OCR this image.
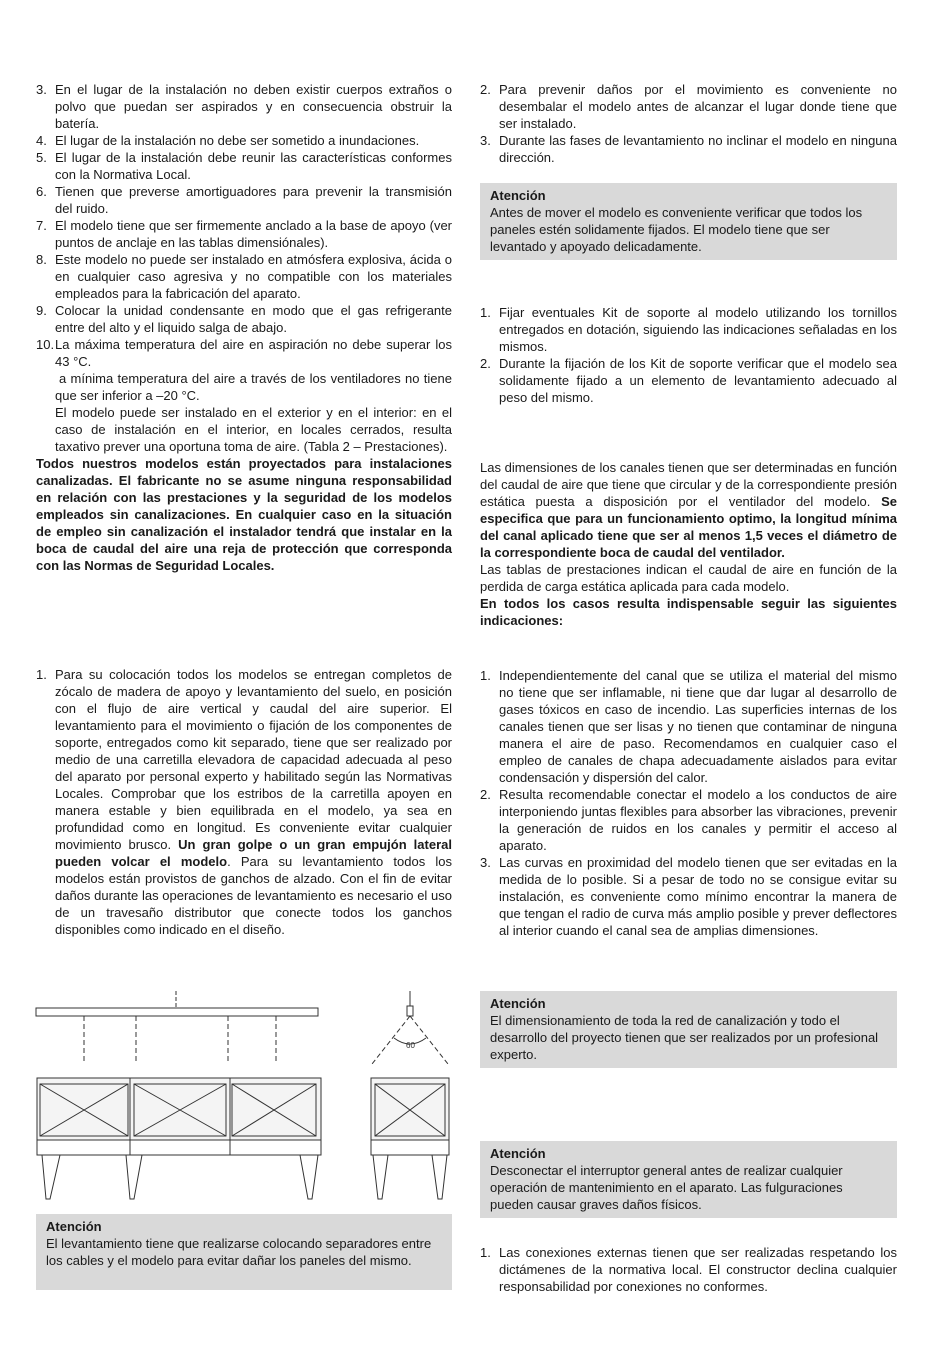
3. En el lugar de la instalación no deben existir cuerpos extraños o polvo que puedan ser aspirados y en consecuencia obstruir la batería.
4. El lugar de la instalación no debe ser sometido a inundaciones.
5. El lugar de la instalación debe reunir las características conformes con la Normativa Local.
6. Tienen que preverse amortiguadores para prevenir la transmisión del ruido.
7. El modelo tiene que ser firmemente anclado a la base de apoyo (ver puntos de anclaje en las tablas dimensiónales).
8. Este modelo no puede ser instalado en atmósfera explosiva, ácida o en cualquier caso agresiva y no compatible con los materiales empleados para la fabricación del aparato.
9. Colocar la unidad condensante en modo que el gas refrigerante entre del alto y el liquido salga de abajo.
10. La máxima temperatura del aire en aspiración no debe superar los 43 °C.

a mínima temperatura del aire a través de los ventiladores no tiene que ser inferior a –20 °C.

El modelo puede ser instalado en el exterior y en el interior: en el caso de instalación en el interior, en locales cerrados, resulta taxativo prever una oportuna toma de aire. (Tabla 2 – Prestaciones).

Todos nuestros modelos están proyectados para instalaciones canalizadas. El fabricante no se asume ninguna responsabilidad en relación con las prestaciones y la seguridad de los modelos empleados sin canalizaciones. En cualquier caso en la situación de empleo sin canalización el instalador tendrá que instalar en la boca de caudal del aire una reja de protección que corresponda con las Normas de Seguridad Locales.

1. Para su colocación todos los modelos se entregan completos de zócalo de madera de apoyo y levantamiento del suelo, en posición con el flujo de aire vertical y caudal del aire superior. El levantamiento para el movimiento o fijación de los componentes de soporte, entregados como kit separado, tiene que ser realizado por medio de una carretilla elevadora de capacidad adecuada al peso del aparato por personal experto y habilitado según las Normativas Locales. Comprobar que los estribos de la carretilla apoyen en manera estable y bien equilibrada en el modelo, ya sea en profundidad como en longitud. Es conveniente evitar cualquier movimiento brusco. Un gran golpe o un gran empujón lateral pueden volcar el modelo. Para su levantamiento todos los modelos están provistos de ganchos de alzado. Con el fin de evitar daños durante las operaciones de levantamiento es necesario el uso de un travesaño distributor que conecte todos los ganchos disponibles como indicado en el diseño.
60
Atención
El levantamiento tiene que realizarse colocando separadores entre los cables y el modelo para evitar dañar los paneles del mismo.
2. Para prevenir daños por el movimiento es conveniente no desembalar el modelo antes de alcanzar el lugar donde tiene que ser instalado.
3. Durante las fases de levantamiento no inclinar el modelo en ninguna dirección.
Atención
Antes de mover el modelo es conveniente verificar que todos los paneles estén solidamente fijados. El modelo tiene que ser levantado y apoyado delicadamente.
1. Fijar eventuales Kit de soporte al modelo utilizando los tornillos entregados en dotación, siguiendo las indicaciones señaladas en los mismos.
2. Durante la fijación de los Kit de soporte verificar que el modelo sea solidamente fijado a un elemento de levantamiento adecuado al peso del mismo.

Las dimensiones de los canales tienen que ser determinadas en función del caudal de aire que tiene que circular y de la correspondiente presión estática puesta a disposición por el ventilador del modelo. Se especifica que para un funcionamiento optimo, la longitud mínima del canal aplicado tiene que ser al menos 1,5 veces el diámetro de la correspondiente boca de caudal del ventilador.

Las tablas de prestaciones indican el caudal de aire en función de la perdida de carga estática aplicada para cada modelo.

En todos los casos resulta indispensable seguir las siguientes indicaciones:

1. Independientemente del canal que se utiliza el material del mismo no tiene que ser inflamable, ni tiene que dar lugar al desarrollo de gases tóxicos en caso de incendio. Las superficies internas de los canales tienen que ser lisas y no tienen que contaminar de ninguna manera el aire de paso. Recomendamos en cualquier caso el empleo de canales de chapa adecuadamente aislados para evitar condensación y dispersión del calor.
2. Resulta recomendable conectar el modelo a los conductos de aire interponiendo juntas flexibles para absorber las vibraciones, prevenir la generación de ruidos en los canales y permitir el acceso al aparato.
3. Las curvas en proximidad del modelo tienen que ser evitadas en la medida de lo posible. Si a pesar de todo no se consigue evitar su instalación, es conveniente como mínimo encontrar la manera de que tengan el radio de curva más amplio posible y prever deflectores al interior cuando el canal sea de amplias dimensiones.
Atención
El dimensionamiento de toda la red de canalización y todo el desarrollo del proyecto tienen que ser realizados por un profesional experto.
Atención
Desconectar el interruptor general antes de realizar cualquier operación de mantenimiento en el aparato. Las fulguraciones pueden causar graves daños físicos.
1. Las conexiones externas tienen que ser realizadas respetando los dictámenes de la normativa local. El constructor declina cualquier responsabilidad por conexiones no conformes.
